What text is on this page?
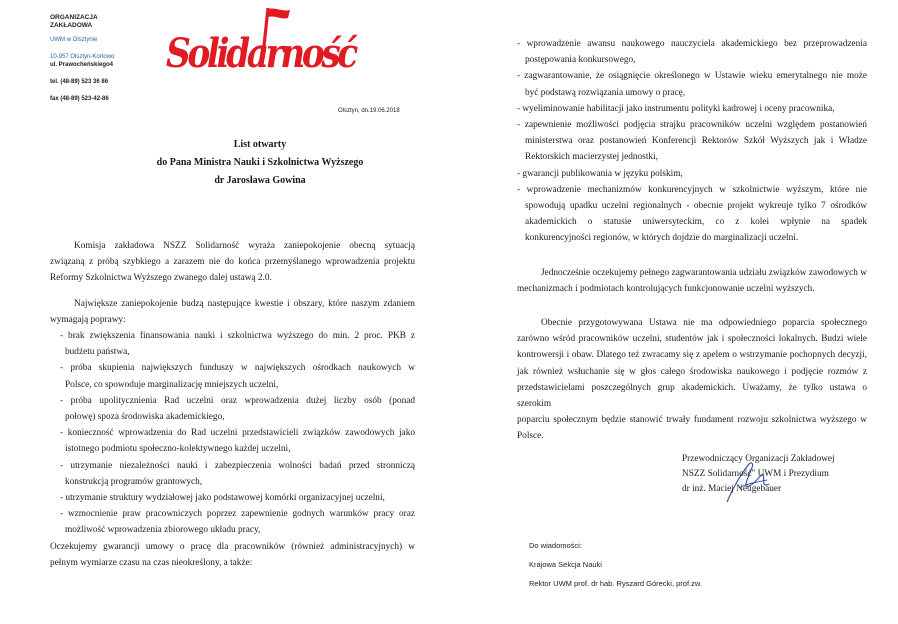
ORGANIZACJA
ZAKŁADOWA
UWM w Olsztynie
10-957 Olsztyn-Kortowo
ul. Prawocheńskiego4
tel. (48-89) 523 36 86
fax (48-89) 523-42-86
Solidarność
Olsztyn, dn.19.06.2018
List otwarty
do Pana Ministra Nauki i Szkolnictwa Wyższego
dr Jarosława Gowina

Komisja zakładowa NSZZ Solidarność wyraża zaniepokojenie obecną sytuacją

związaną z próbą szybkiego a zarazem nie do końca przemyślanego wprowadzenia projektu

Reformy Szkolnictwa Wyższego zwanego dalej ustawą 2.0.

Największe zaniepokojenie budzą następujące kwestie i obszary, które naszym zdaniem

wymagają poprawy:

- brak zwiększenia finansowania nauki i szkolnictwa wyższego do min. 2 proc. PKB z

budżetu państwa,

- próba skupienia największych funduszy w największych ośrodkach naukowych w

Polsce, co spowoduje marginalizację mniejszych uczelni,

- próba upolitycznienia Rad uczelni oraz wprowadzenia dużej liczby osób (ponad

połowę) spoza środowiska akademickiego,

- konieczność wprowadzenia do Rad uczelni przedstawicieli związków zawodowych jako

istotnego podmiotu społeczno-kolektywnego każdej uczelni,

- utrzymanie niezależności nauki i zabezpieczenia wolności badań przed stronniczą

konstrukcją programów grantowych,

- utrzymanie struktury wydziałowej jako podstawowej komórki organizacyjnej uczelni,

- wzmocnienie praw pracowniczych poprzez zapewnienie godnych warunków pracy oraz

możliwość wprowadzenia zbiorowego układu pracy,

Oczekujemy gwarancji umowy o pracę dla pracowników (również administracyjnych) w

pełnym wymiarze czasu na czas nieokreślony, a także:

- wprowadzenie awansu naukowego nauczyciela akademickiego bez przeprowadzenia

postępowania konkursowego,

- zagwarantowanie, że osiągnięcie określonego w Ustawie wieku emerytalnego nie może

być podstawą rozwiązania umowy o pracę,

- wyeliminowanie habilitacji jako instrumentu polityki kadrowej i oceny pracownika,

- zapewnienie możliwości podjęcia strajku pracowników uczelni względem postanowień

ministerstwa oraz postanowień Konferencji Rektorów Szkół Wyższych jak i Władze

Rektorskich macierzystej jednostki,

- gwarancji publikowania w języku polskim,

- wprowadzenie mechanizmów konkurencyjnych w szkolnictwie wyższym, które nie

spowodują upadku uczelni regionalnych - obecnie projekt wykreuje tylko 7 ośrodków

akademickich o statusie uniwersyteckim, co z kolei wpłynie na spadek

konkurencyjności regionów, w których dojdzie do marginalizacji uczelni.

Jednocześnie oczekujemy pełnego zagwarantowania udziału związków zawodowych w

mechanizmach i podmiotach kontrolujących funkcjonowanie uczelni wyższych.

Obecnie przygotowywana Ustawa nie ma odpowiedniego poparcia społecznego

zarówno wśród pracowników uczelni, studentów jak i społeczności lokalnych. Budzi wiele

kontrowersji i obaw. Dlatego też zwracamy się z apelem o wstrzymanie pochopnych decyzji,

jak również wsłuchanie się w głos całego środowiska naukowego i podjęcie rozmów z

przedstawicielami poszczególnych grup akademickich. Uważamy, że tylko ustawa o szerokim

poparciu społecznym będzie stanowić trwały fundament rozwoju szkolnictwa wyższego w

Polsce.

Przewodniczący Organizacji Zakładowej
NSZZ Solidarność" UWM i Prezydium
dr inż. Maciej Neugebauer
Do wiadomości:
Krajowa Sekcja Nauki
Rektor UWM prof. dr hab. Ryszard Górecki, prof.zw.
